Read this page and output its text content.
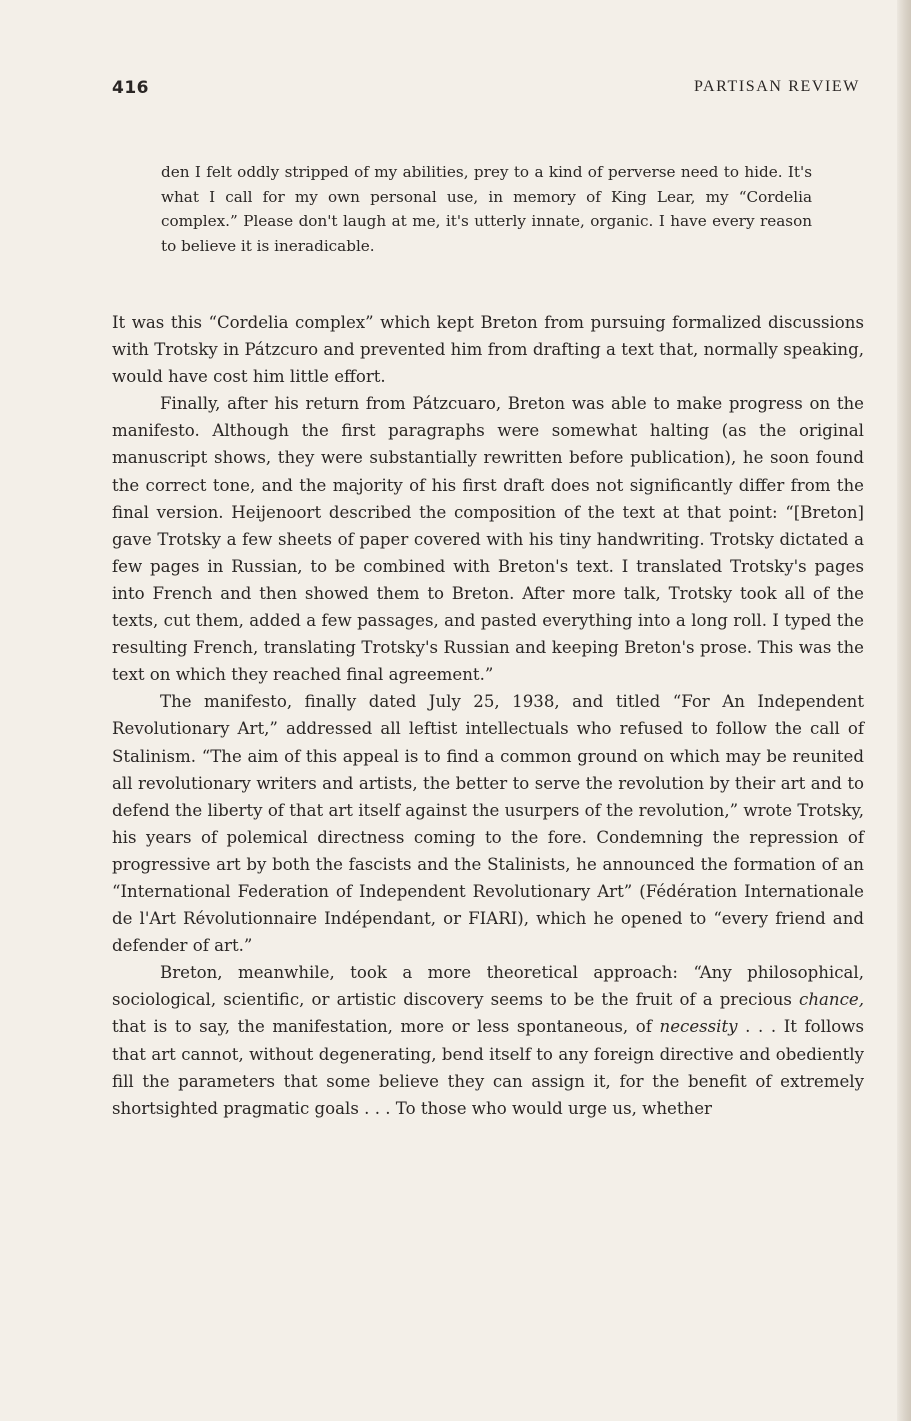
416	PARTISAN REVIEW

den I felt oddly stripped of my abilities, prey to a kind of perverse need to hide. It's what I call for my own personal use, in memory of King Lear, my “Cordelia complex.” Please don't laugh at me, it's utterly innate, organic. I have every reason to believe it is ineradicable.

It was this “Cordelia complex” which kept Breton from pursuing formalized discussions with Trotsky in Pátzcuro and prevented him from drafting a text that, normally speaking, would have cost him little effort.

Finally, after his return from Pátzcuaro, Breton was able to make progress on the manifesto. Although the first paragraphs were somewhat halting (as the original manuscript shows, they were substantially rewritten before publication), he soon found the correct tone, and the majority of his first draft does not significantly differ from the final version. Heijenoort described the composition of the text at that point: “[Breton] gave Trotsky a few sheets of paper covered with his tiny handwriting. Trotsky dictated a few pages in Russian, to be combined with Breton's text. I translated Trotsky's pages into French and then showed them to Breton. After more talk, Trotsky took all of the texts, cut them, added a few passages, and pasted everything into a long roll. I typed the resulting French, translating Trotsky's Russian and keeping Breton's prose. This was the text on which they reached final agreement.”

The manifesto, finally dated July 25, 1938, and titled “For An Independent Revolutionary Art,” addressed all leftist intellectuals who refused to follow the call of Stalinism. “The aim of this appeal is to find a common ground on which may be reunited all revolutionary writers and artists, the better to serve the revolution by their art and to defend the liberty of that art itself against the usurpers of the revolution,” wrote Trotsky, his years of polemical directness coming to the fore. Condemning the repression of progressive art by both the fascists and the Stalinists, he announced the formation of an “International Federation of Independent Revolutionary Art” (Fédération Internationale de l'Art Révolutionnaire Indépendant, or FIARI), which he opened to “every friend and defender of art.”

Breton, meanwhile, took a more theoretical approach: “Any philosophical, sociological, scientific, or artistic discovery seems to be the fruit of a precious chance, that is to say, the manifestation, more or less spontaneous, of necessity . . . It follows that art cannot, without degenerating, bend itself to any foreign directive and obediently fill the parameters that some believe they can assign it, for the benefit of extremely shortsighted pragmatic goals . . . To those who would urge us, whether
